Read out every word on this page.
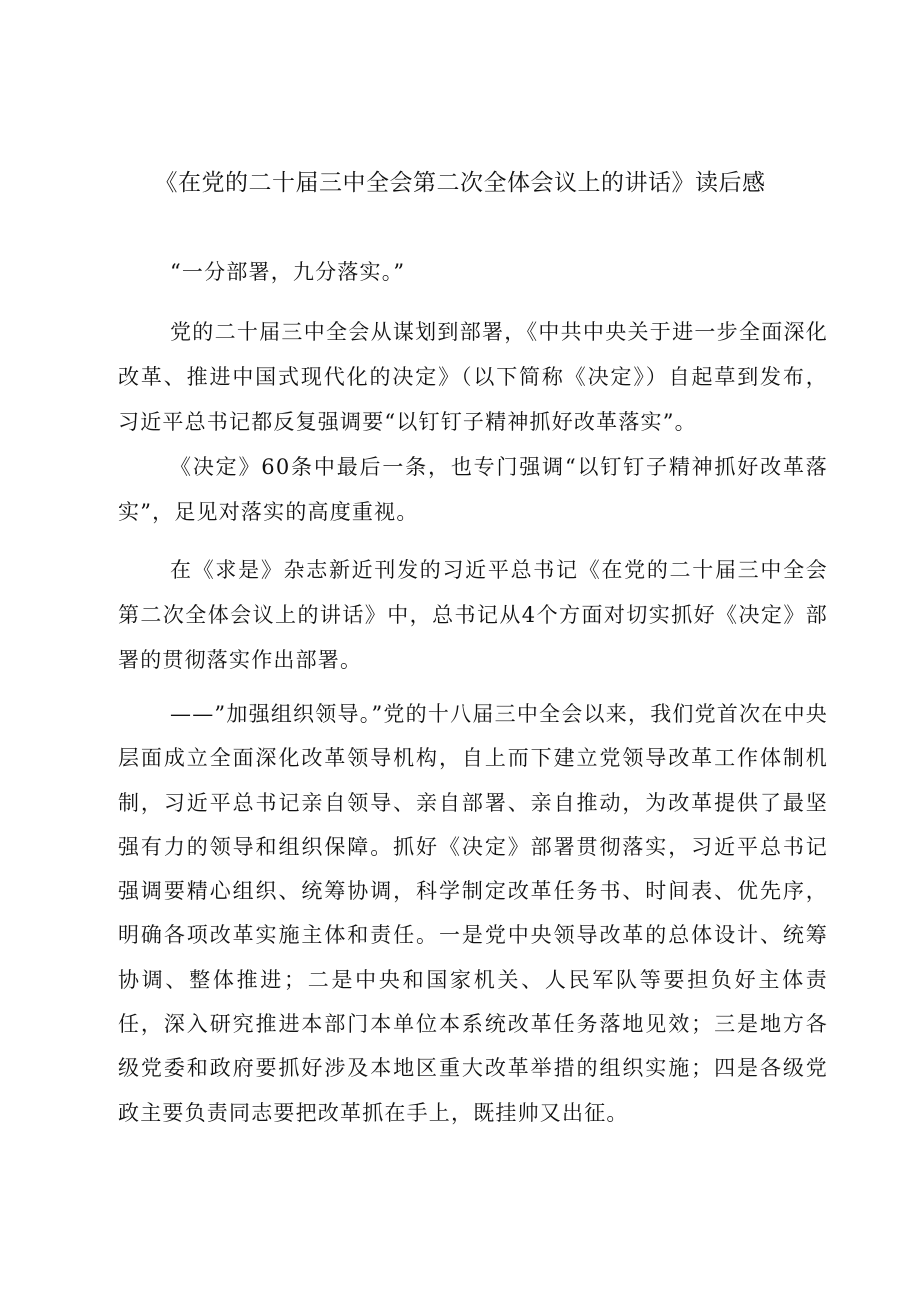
《在党的二十届三中全会第二次全体会议上的讲话》读后感

“一分部署，九分落实。”

党的二十届三中全会从谋划到部署，《中共中央关于进一步全面深化改革、推进中国式现代化的决定》（以下简称《决定》）自起草到发布，习近平总书记都反复强调要“以钉钉子精神抓好改革落实”。

《决定》60条中最后一条，也专门强调“以钉钉子精神抓好改革落实”，足见对落实的高度重视。

在《求是》杂志新近刊发的习近平总书记《在党的二十届三中全会第二次全体会议上的讲话》中，总书记从4个方面对切实抓好《决定》部署的贯彻落实作出部署。

——”加强组织领导。”党的十八届三中全会以来，我们党首次在中央层面成立全面深化改革领导机构，自上而下建立党领导改革工作体制机制，习近平总书记亲自领导、亲自部署、亲自推动，为改革提供了最坚强有力的领导和组织保障。抓好《决定》部署贯彻落实，习近平总书记强调要精心组织、统筹协调，科学制定改革任务书、时间表、优先序，明确各项改革实施主体和责任。一是党中央领导改革的总体设计、统筹协调、整体推进；二是中央和国家机关、人民军队等要担负好主体责任，深入研究推进本部门本单位本系统改革任务落地见效；三是地方各级党委和政府要抓好涉及本地区重大改革举措的组织实施；四是各级党政主要负责同志要把改革抓在手上，既挂帅又出征。
